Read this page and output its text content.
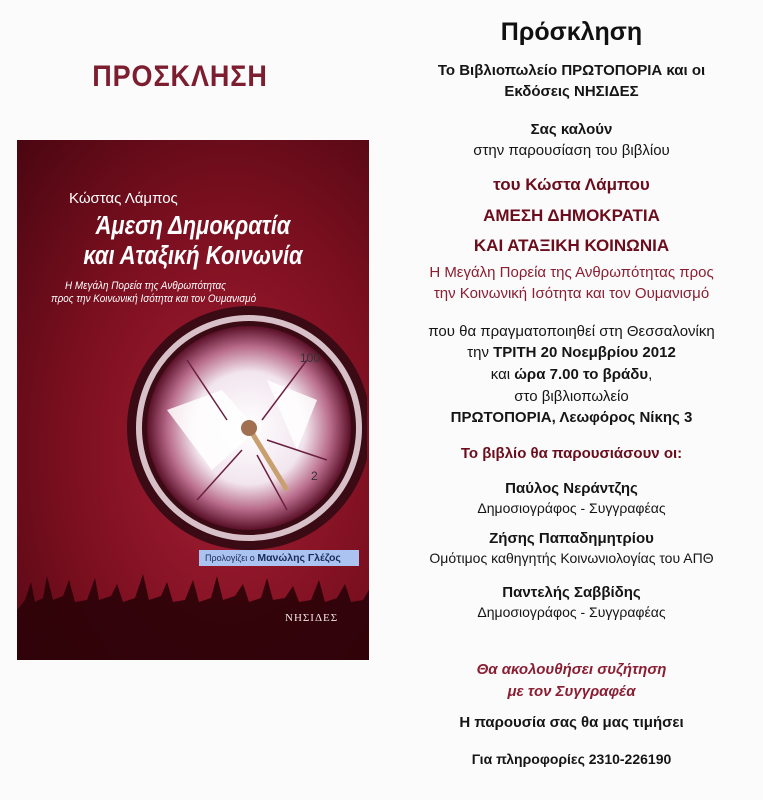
ΠΡΟΣΚΛΗΣΗ
Κώστας Λάμπος
Άμεση Δημοκρατία
και Αταξική Κοινωνία
Η Μεγάλη Πορεία της Ανθρωπότητας
προς την Κοινωνική Ισότητα και τον Ουμανισμό
100
2
Προλογίζει ο Μανώλης Γλέζος
ΝΗΣΙΔΕΣ
Πρόσκληση
Το Βιβλιοπωλείο ΠΡΩΤΟΠΟΡΙΑ και οι
Εκδόσεις ΝΗΣΙΔΕΣ
Σας καλούν
στην παρουσίαση του βιβλίου
του Κώστα Λάμπου
ΑΜΕΣΗ ΔΗΜΟΚΡΑΤΙΑ
ΚΑΙ ΑΤΑΞΙΚΗ ΚΟΙΝΩΝΙΑ
Η Μεγάλη Πορεία της Ανθρωπότητας προς
την Κοινωνική Ισότητα και τον Ουμανισμό
που θα πραγματοποιηθεί στη Θεσσαλονίκη
την ΤΡΙΤΗ 20 Νοεμβρίου 2012
και ώρα 7.00 το βράδυ,
στο βιβλιοπωλείο
ΠΡΩΤΟΠΟΡΙΑ, Λεωφόρος Νίκης 3
Το βιβλίο θα παρουσιάσουν οι:
Παύλος Νεράντζης
Δημοσιογράφος - Συγγραφέας
Ζήσης Παπαδημητρίου
Ομότιμος καθηγητής Κοινωνιολογίας του ΑΠΘ
Παντελής Σαββίδης
Δημοσιογράφος - Συγγραφέας
Θα ακολουθήσει συζήτηση
με τον Συγγραφέα
Η παρουσία σας θα μας τιμήσει
Για πληροφορίες 2310-226190
